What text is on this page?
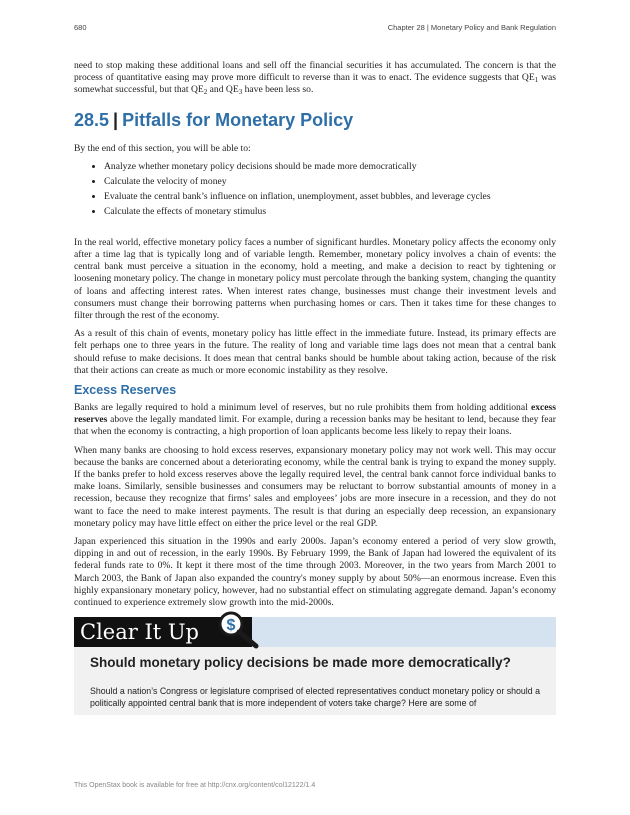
680	Chapter 28 | Monetary Policy and Bank Regulation

need to stop making these additional loans and sell off the financial securities it has accumulated. The concern is that the process of quantitative easing may prove more difficult to reverse than it was to enact. The evidence suggests that $QE_1$ was somewhat successful, but that $QE_2$ and $QE_3$ have been less so.

28.5 | Pitfalls for Monetary Policy

By the end of this section, you will be able to:

• Analyze whether monetary policy decisions should be made more democratically
• Calculate the velocity of money
• Evaluate the central bank’s influence on inflation, unemployment, asset bubbles, and leverage cycles
• Calculate the effects of monetary stimulus

In the real world, effective monetary policy faces a number of significant hurdles. Monetary policy affects the economy only after a time lag that is typically long and of variable length. Remember, monetary policy involves a chain of events: the central bank must perceive a situation in the economy, hold a meeting, and make a decision to react by tightening or loosening monetary policy. The change in monetary policy must percolate through the banking system, changing the quantity of loans and affecting interest rates. When interest rates change, businesses must change their investment levels and consumers must change their borrowing patterns when purchasing homes or cars. Then it takes time for these changes to filter through the rest of the economy.

As a result of this chain of events, monetary policy has little effect in the immediate future. Instead, its primary effects are felt perhaps one to three years in the future. The reality of long and variable time lags does not mean that a central bank should refuse to make decisions. It does mean that central banks should be humble about taking action, because of the risk that their actions can create as much or more economic instability as they resolve.

Excess Reserves

Banks are legally required to hold a minimum level of reserves, but no rule prohibits them from holding additional excess reserves above the legally mandated limit. For example, during a recession banks may be hesitant to lend, because they fear that when the economy is contracting, a high proportion of loan applicants become less likely to repay their loans.

When many banks are choosing to hold excess reserves, expansionary monetary policy may not work well. This may occur because the banks are concerned about a deteriorating economy, while the central bank is trying to expand the money supply. If the banks prefer to hold excess reserves above the legally required level, the central bank cannot force individual banks to make loans. Similarly, sensible businesses and consumers may be reluctant to borrow substantial amounts of money in a recession, because they recognize that firms’ sales and employees’ jobs are more insecure in a recession, and they do not want to face the need to make interest payments. The result is that during an especially deep recession, an expansionary monetary policy may have little effect on either the price level or the real GDP.

Japan experienced this situation in the 1990s and early 2000s. Japan’s economy entered a period of very slow growth, dipping in and out of recession, in the early 1990s. By February 1999, the Bank of Japan had lowered the equivalent of its federal funds rate to 0%. It kept it there most of the time through 2003. Moreover, in the two years from March 2001 to March 2003, the Bank of Japan also expanded the country's money supply by about 50%—an enormous increase. Even this highly expansionary monetary policy, however, had no substantial effect on stimulating aggregate demand. Japan’s economy continued to experience extremely slow growth into the mid-2000s.

Clear It Up $

Should monetary policy decisions be made more democratically?

Should a nation’s Congress or legislature comprised of elected representatives conduct monetary policy or should a politically appointed central bank that is more independent of voters take charge? Here are some of

This OpenStax book is available for free at http://cnx.org/content/col12122/1.4
